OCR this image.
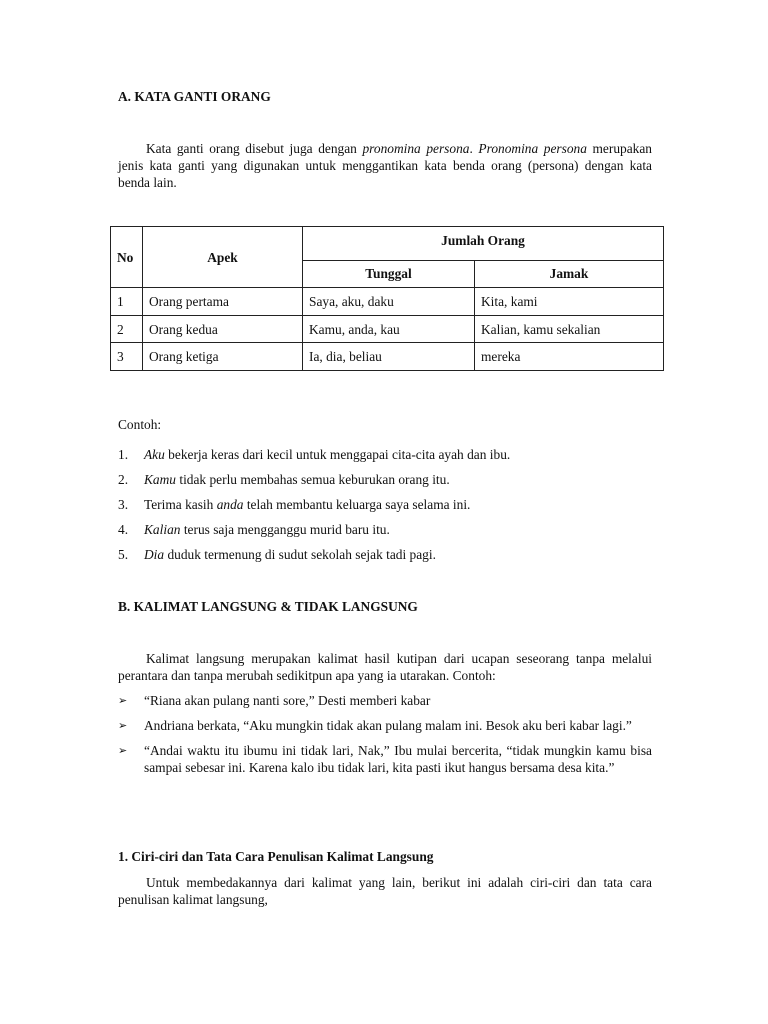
A. KATA GANTI ORANG

Kata ganti orang disebut juga dengan pronomina persona. Pronomina persona merupakan jenis kata ganti yang digunakan untuk menggantikan kata benda orang (persona) dengan kata benda lain.

No	Apek	Jumlah Orang	
		Tunggal	Jamak
1	Orang pertama	Saya, aku, daku	Kita, kami
2	Orang kedua	Kamu, anda, kau	Kalian, kamu sekalian
3	Orang ketiga	Ia, dia, beliau	mereka
Contoh:
1. Aku bekerja keras dari kecil untuk menggapai cita-cita ayah dan ibu.
2. Kamu tidak perlu membahas semua keburukan orang itu.
3. Terima kasih anda telah membantu keluarga saya selama ini.
4. Kalian terus saja mengganggu murid baru itu.
5. Dia duduk termenung di sudut sekolah sejak tadi pagi.
B. KALIMAT LANGSUNG & TIDAK LANGSUNG

Kalimat langsung merupakan kalimat hasil kutipan dari ucapan seseorang tanpa melalui perantara dan tanpa merubah sedikitpun apa yang ia utarakan. Contoh:

➢	“Riana akan pulang nanti sore,” Desti memberi kabar
➢	Andriana berkata, “Aku mungkin tidak akan pulang malam ini. Besok aku beri kabar lagi.”
➢	“Andai waktu itu ibumu ini tidak lari, Nak,” Ibu mulai bercerita, “tidak mungkin kamu bisa sampai sebesar ini. Karena kalo ibu tidak lari, kita pasti ikut hangus bersama desa kita.”
1. Ciri-ciri dan Tata Cara Penulisan Kalimat Langsung

Untuk membedakannya dari kalimat yang lain, berikut ini adalah ciri-ciri dan tata cara penulisan kalimat langsung,
